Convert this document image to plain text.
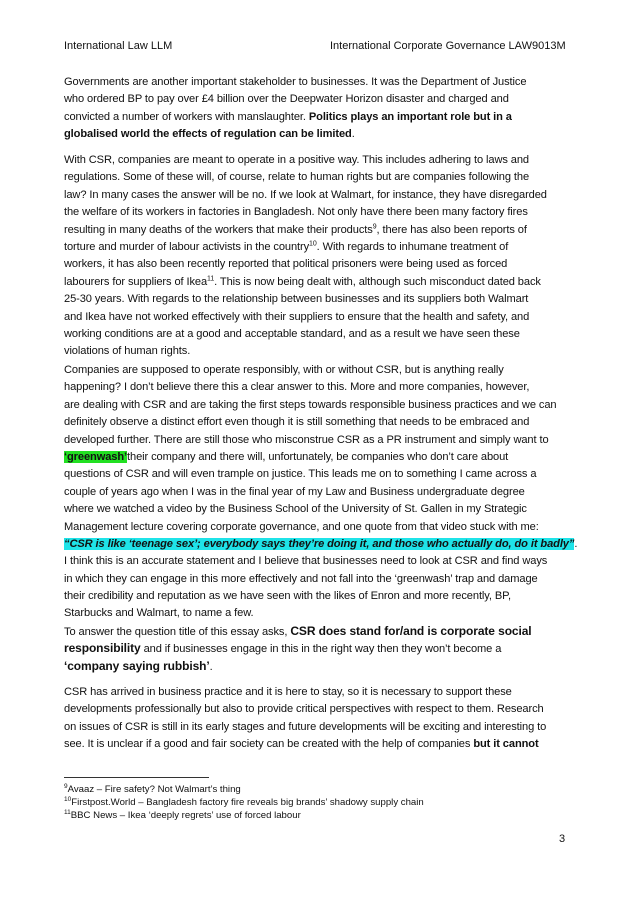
International Law LLM	International Corporate Governance LAW9013M
Governments are another important stakeholder to businesses. It was the Department of Justice
who ordered BP to pay over £4 billion over the Deepwater Horizon disaster and charged and
convicted a number of workers with manslaughter. Politics plays an important role but in a
globalised world the effects of regulation can be limited.
With CSR, companies are meant to operate in a positive way. This includes adhering to laws and
regulations. Some of these will, of course, relate to human rights but are companies following the
law? In many cases the answer will be no. If we look at Walmart, for instance, they have disregarded
the welfare of its workers in factories in Bangladesh. Not only have there been many factory fires
resulting in many deaths of the workers that make their products$^9$, there has also been reports of
torture and murder of labour activists in the country$^{10}$. With regards to inhumane treatment of
workers, it has also been recently reported that political prisoners were being used as forced
labourers for suppliers of Ikea$^{11}$. This is now being dealt with, although such misconduct dated back
25-30 years. With regards to the relationship between businesses and its suppliers both Walmart
and Ikea have not worked effectively with their suppliers to ensure that the health and safety, and
working conditions are at a good and acceptable standard, and as a result we have seen these
violations of human rights.
Companies are supposed to operate responsibly, with or without CSR, but is anything really
happening? I don’t believe there this a clear answer to this. More and more companies, however,
are dealing with CSR and are taking the first steps towards responsible business practices and we can
definitely observe a distinct effort even though it is still something that needs to be embraced and
developed further. There are still those who misconstrue CSR as a PR instrument and simply want to
‘greenwash’their company and there will, unfortunately, be companies who don’t care about
questions of CSR and will even trample on justice. This leads me on to something I came across a
couple of years ago when I was in the final year of my Law and Business undergraduate degree
where we watched a video by the Business School of the University of St. Gallen in my Strategic
Management lecture covering corporate governance, and one quote from that video stuck with me:
“CSR is like ‘teenage sex’; everybody says they’re doing it, and those who actually do, do it badly”.
I think this is an accurate statement and I believe that businesses need to look at CSR and find ways
in which they can engage in this more effectively and not fall into the ‘greenwash’ trap and damage
their credibility and reputation as we have seen with the likes of Enron and more recently, BP,
Starbucks and Walmart, to name a few.
To answer the question title of this essay asks, CSR does stand for/and is corporate social
responsibility and if businesses engage in this in the right way then they won’t become a
‘company saying rubbish’.
CSR has arrived in business practice and it is here to stay, so it is necessary to support these
developments professionally but also to provide critical perspectives with respect to them. Research
on issues of CSR is still in its early stages and future developments will be exciting and interesting to
see. It is unclear if a good and fair society can be created with the help of companies but it cannot
$^9$Avaaz – Fire safety? Not Walmart’s thing
$^{10}$Firstpost.World – Bangladesh factory fire reveals big brands’ shadowy supply chain
$^{11}$BBC News – Ikea ‘deeply regrets’ use of forced labour
3
